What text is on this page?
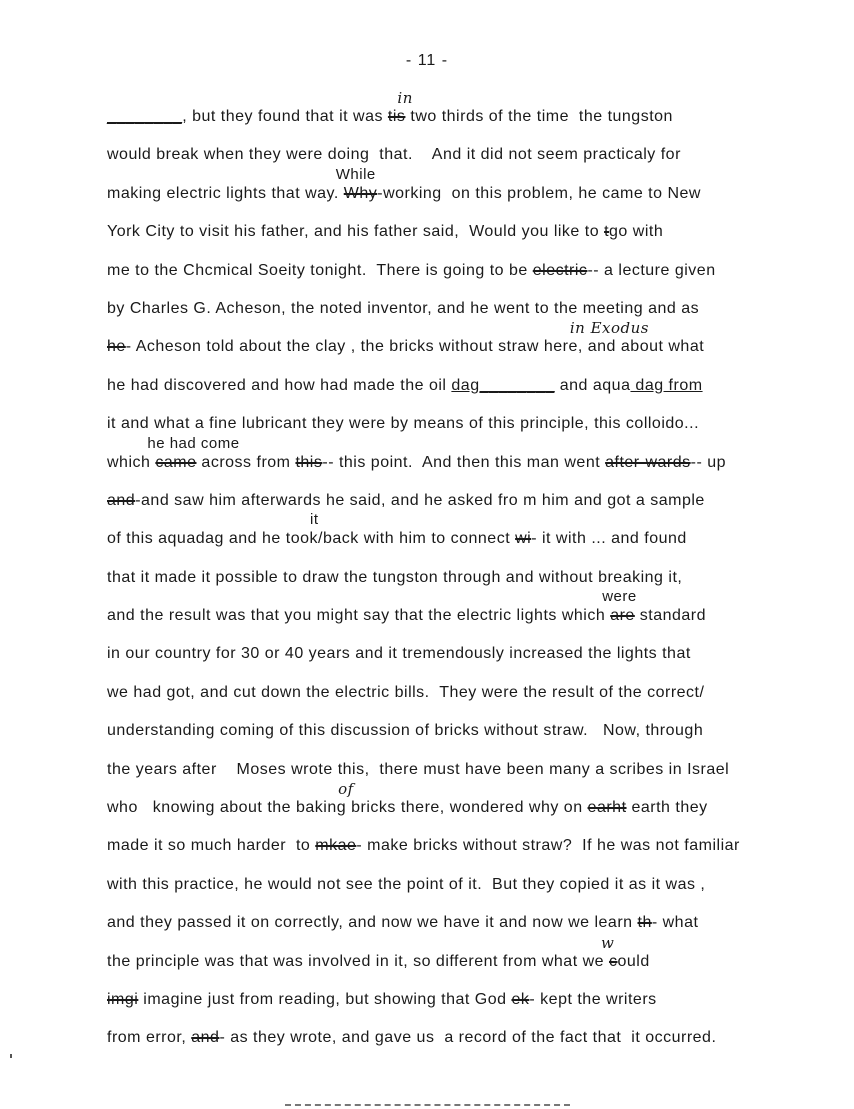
- 11 -
________, but they found that it was tis
in
two thirds of the time  the tungston
would break when they were doing  that.    And it did not seem practicaly for
making electric lights that way.
While
Why-working  on this problem, he came to New
York City to visit his father, and his father said,  Would you like to tgo with
me to the Chcmical Soeity tonight.  There is going to be electric-- a lecture given
by Charles G. Acheson, the noted inventor, and he went to the meeting and as
he- Acheson told about the clay , the bricks without straw here
in Exodus
, and about what
he had discovered and how had made the oil dag________ and aqua dag from
it and what a fine lubricant they were by means of this principle, this colloido...
which
he had come
came across from this-- this point.  And then this man went after-wards-- up
and-and saw him afterwards he said, and he asked fro m him and got a sample
of this aquadag and he took
it
/back with him to connect wi- it with ... and found
that it made it possible to draw the tungston through and without breaking it,
and the result was that you might say that the electric lights which
were
are standard
in our country for 30 or 40 years and it tremendously increased the lights that
we had got, and cut down the electric bills.  They were the result of the correct/
understanding coming of this discussion of bricks without straw.   Now, through
the years after    Moses wrote this,  there must have been many a scribes in Israel
who   knowing about the baking
of
bricks there, wondered why on earht earth they
made it so much harder  to mkae- make bricks without straw?  If he was not familiar
with this practice, he would not see the point of it.  But they copied it as it was ,
and they passed it on correctly, and now we have it and now we learn th- what
the principle was that was involved in it, so different from what we
w
could
imgi imagine just from reading, but showing that God ek- kept the writers
from error, and- as they wrote, and gave us  a record of the fact that  it occurred.
